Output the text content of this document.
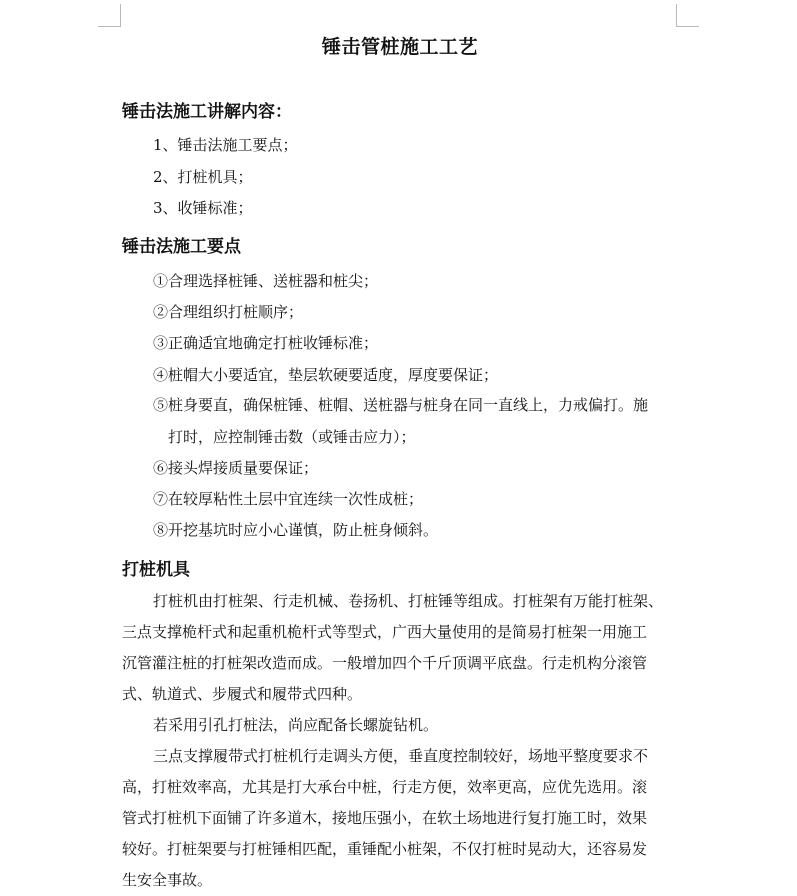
锤击管桩施工工艺
锤击法施工讲解内容：
1、锤击法施工要点；
2、打桩机具；
3、收锤标准；
锤击法施工要点
①合理选择桩锤、送桩器和桩尖；
②合理组织打桩顺序；
③正确适宜地确定打桩收锤标准；
④桩帽大小要适宜，垫层软硬要适度，厚度要保证；
⑤桩身要直，确保桩锤、桩帽、送桩器与桩身在同一直线上，力戒偏打。施
打时，应控制锤击数（或锤击应力）；
⑥接头焊接质量要保证；
⑦在较厚粘性土层中宜连续一次性成桩；
⑧开挖基坑时应小心谨慎，防止桩身倾斜。
打桩机具
打桩机由打桩架、行走机械、卷扬机、打桩锤等组成。打桩架有万能打桩架、
三点支撑桅杆式和起重机桅杆式等型式，广西大量使用的是简易打桩架一用施工
沉管灌注桩的打桩架改造而成。一般增加四个千斤顶调平底盘。行走机构分滚管
式、轨道式、步履式和履带式四种。
若采用引孔打桩法，尚应配备长螺旋钻机。
三点支撑履带式打桩机行走调头方便，垂直度控制较好，场地平整度要求不
高，打桩效率高，尤其是打大承台中桩，行走方便，效率更高，应优先选用。滚
管式打桩机下面铺了许多道木，接地压强小，在软土场地进行复打施工时，效果
较好。打桩架要与打桩锤相匹配，重锤配小桩架，不仅打桩时晃动大，还容易发
生安全事故。
